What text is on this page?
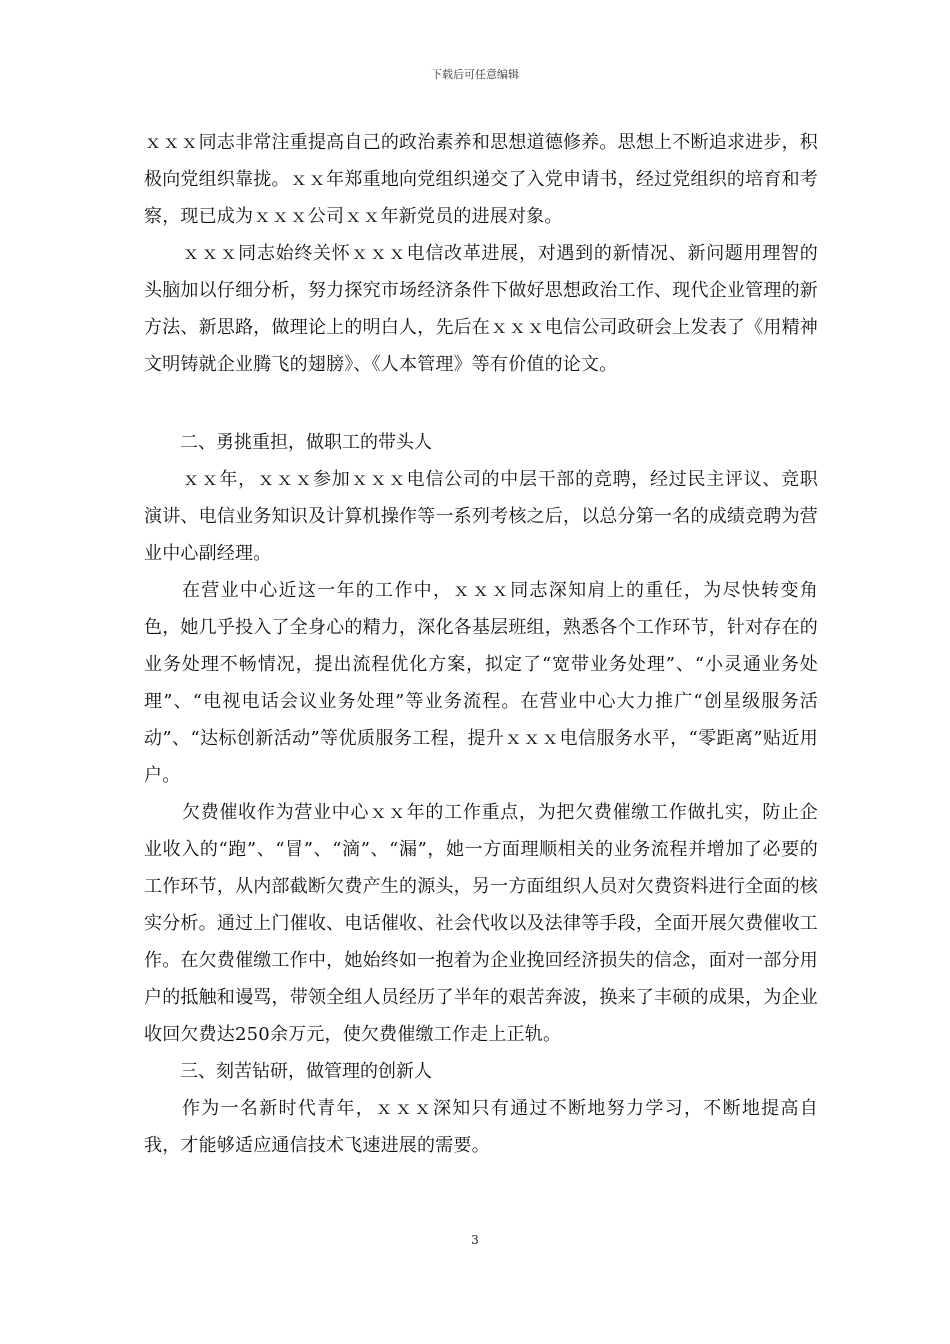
下载后可任意编辑

ｘｘｘ同志非常注重提高自己的政治素养和思想道德修养。思想上不断追求进步，积极向党组织靠拢。ｘｘ年郑重地向党组织递交了入党申请书，经过党组织的培育和考察，现已成为ｘｘｘ公司ｘｘ年新党员的进展对象。

ｘｘｘ同志始终关怀ｘｘｘ电信改革进展，对遇到的新情况、新问题用理智的头脑加以仔细分析，努力探究市场经济条件下做好思想政治工作、现代企业管理的新方法、新思路，做理论上的明白人，先后在ｘｘｘ电信公司政研会上发表了《用精神文明铸就企业腾飞的翅膀》、《人本管理》等有价值的论文。

二、勇挑重担，做职工的带头人

ｘｘ年，ｘｘｘ参加ｘｘｘ电信公司的中层干部的竞聘，经过民主评议、竞职演讲、电信业务知识及计算机操作等一系列考核之后，以总分第一名的成绩竞聘为营业中心副经理。

在营业中心近这一年的工作中，ｘｘｘ同志深知肩上的重任，为尽快转变角色，她几乎投入了全身心的精力，深化各基层班组，熟悉各个工作环节，针对存在的业务处理不畅情况，提出流程优化方案，拟定了“宽带业务处理”、“小灵通业务处理”、“电视电话会议业务处理”等业务流程。在营业中心大力推广“创星级服务活动”、“达标创新活动”等优质服务工程，提升ｘｘｘ电信服务水平，“零距离”贴近用户。

欠费催收作为营业中心ｘｘ年的工作重点，为把欠费催缴工作做扎实，防止企业收入的“跑”、“冒”、“滴”、“漏”，她一方面理顺相关的业务流程并增加了必要的工作环节，从内部截断欠费产生的源头，另一方面组织人员对欠费资料进行全面的核实分析。通过上门催收、电话催收、社会代收以及法律等手段，全面开展欠费催收工作。在欠费催缴工作中，她始终如一抱着为企业挽回经济损失的信念，面对一部分用户的抵触和谩骂，带领全组人员经历了半年的艰苦奔波，换来了丰硕的成果，为企业收回欠费达250余万元，使欠费催缴工作走上正轨。

三、刻苦钻研，做管理的创新人

作为一名新时代青年，ｘｘｘ深知只有通过不断地努力学习，不断地提高自我，才能够适应通信技术飞速进展的需要。

3
